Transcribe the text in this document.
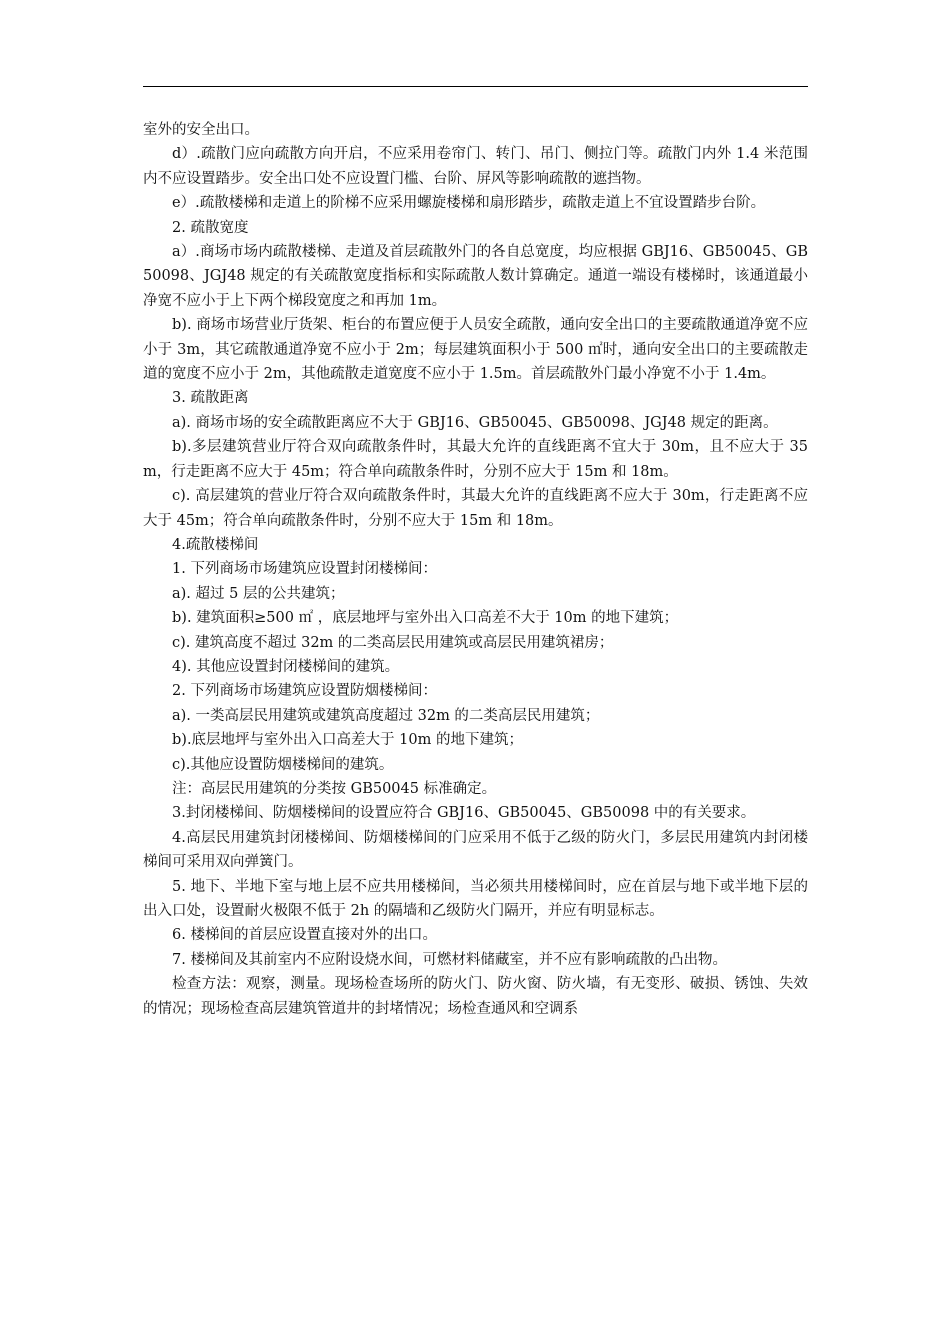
室外的安全出口。

d）.疏散门应向疏散方向开启，不应采用卷帘门、转门、吊门、侧拉门等。疏散门内外 1.4 米范围内不应设置踏步。安全出口处不应设置门槛、台阶、屏风等影响疏散的遮挡物。

e）.疏散楼梯和走道上的阶梯不应采用螺旋楼梯和扇形踏步，疏散走道上不宜设置踏步台阶。

2. 疏散宽度

a）.商场市场内疏散楼梯、走道及首层疏散外门的各自总宽度，均应根据 GBJ16、GB50045、GB50098、JGJ48 规定的有关疏散宽度指标和实际疏散人数计算确定。通道一端设有楼梯时，该通道最小净宽不应小于上下两个梯段宽度之和再加 1m。

b). 商场市场营业厅货架、柜台的布置应便于人员安全疏散，通向安全出口的主要疏散通道净宽不应小于 3m，其它疏散通道净宽不应小于 2m；每层建筑面积小于 500 ㎡时，通向安全出口的主要疏散走道的宽度不应小于 2m，其他疏散走道宽度不应小于 1.5m。首层疏散外门最小净宽不小于 1.4m。

3. 疏散距离

a). 商场市场的安全疏散距离应不大于 GBJ16、GB50045、GB50098、JGJ48 规定的距离。

b).多层建筑营业厅符合双向疏散条件时，其最大允许的直线距离不宜大于 30m，且不应大于 35m，行走距离不应大于 45m；符合单向疏散条件时，分别不应大于 15m 和 18m。

c). 高层建筑的营业厅符合双向疏散条件时，其最大允许的直线距离不应大于 30m，行走距离不应大于 45m；符合单向疏散条件时，分别不应大于 15m 和 18m。

4.疏散楼梯间

1. 下列商场市场建筑应设置封闭楼梯间：

a). 超过 5 层的公共建筑；

b). 建筑面积≥500 ㎡ ，底层地坪与室外出入口高差不大于 10m 的地下建筑；

c). 建筑高度不超过 32m 的二类高层民用建筑或高层民用建筑裙房；

4). 其他应设置封闭楼梯间的建筑。

2. 下列商场市场建筑应设置防烟楼梯间：

a). 一类高层民用建筑或建筑高度超过 32m 的二类高层民用建筑；

b).底层地坪与室外出入口高差大于 10m 的地下建筑；

c).其他应设置防烟楼梯间的建筑。

注：高层民用建筑的分类按 GB50045 标准确定。

3.封闭楼梯间、防烟楼梯间的设置应符合 GBJ16、GB50045、GB50098 中的有关要求。

4.高层民用建筑封闭楼梯间、防烟楼梯间的门应采用不低于乙级的防火门，多层民用建筑内封闭楼梯间可采用双向弹簧门。

5. 地下、半地下室与地上层不应共用楼梯间，当必须共用楼梯间时，应在首层与地下或半地下层的出入口处，设置耐火极限不低于 2h 的隔墙和乙级防火门隔开，并应有明显标志。

6. 楼梯间的首层应设置直接对外的出口。

7. 楼梯间及其前室内不应附设烧水间，可燃材料储藏室，并不应有影响疏散的凸出物。

检查方法：观察，测量。现场检查场所的防火门、防火窗、防火墙，有无变形、破损、锈蚀、失效的情况；现场检查高层建筑管道井的封堵情况；场检查通风和空调系
